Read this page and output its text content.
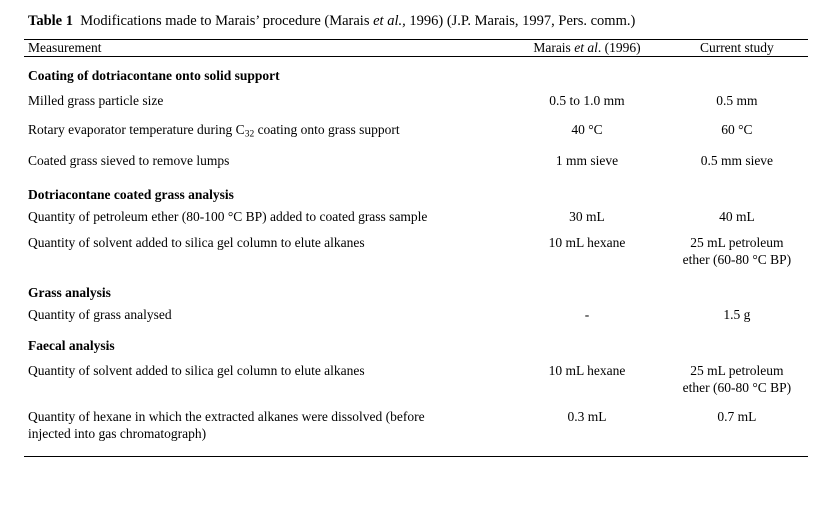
Table 1 Modifications made to Marais’ procedure (Marais et al., 1996) (J.P. Marais, 1997, Pers. comm.)

Measurement	Marais et al. (1996)	Current study

Coating of dotriacontane onto solid support		
Milled grass particle size	0.5 to 1.0 mm	0.5 mm
Rotary evaporator temperature during $C_{32}$ coating onto grass support	40 °C	60 °C
Coated grass sieved to remove lumps	1 mm sieve	0.5 mm sieve
Dotriacontane coated grass analysis		
Quantity of petroleum ether (80-100 °C BP) added to coated grass sample	30 mL	40 mL
Quantity of solvent added to silica gel column to elute alkanes	10 mL hexane	25 mL petroleum
ether (60-80 °C BP)

Grass analysis		
Quantity of grass analysed	-	1.5 g
Faecal analysis		
Quantity of solvent added to silica gel column to elute alkanes	10 mL hexane	25 mL petroleum
ether (60-80 °C BP)

Quantity of hexane in which the extracted alkanes were dissolved (before
injected into gas chromatograph)	0.3 mL	0.7 mL
